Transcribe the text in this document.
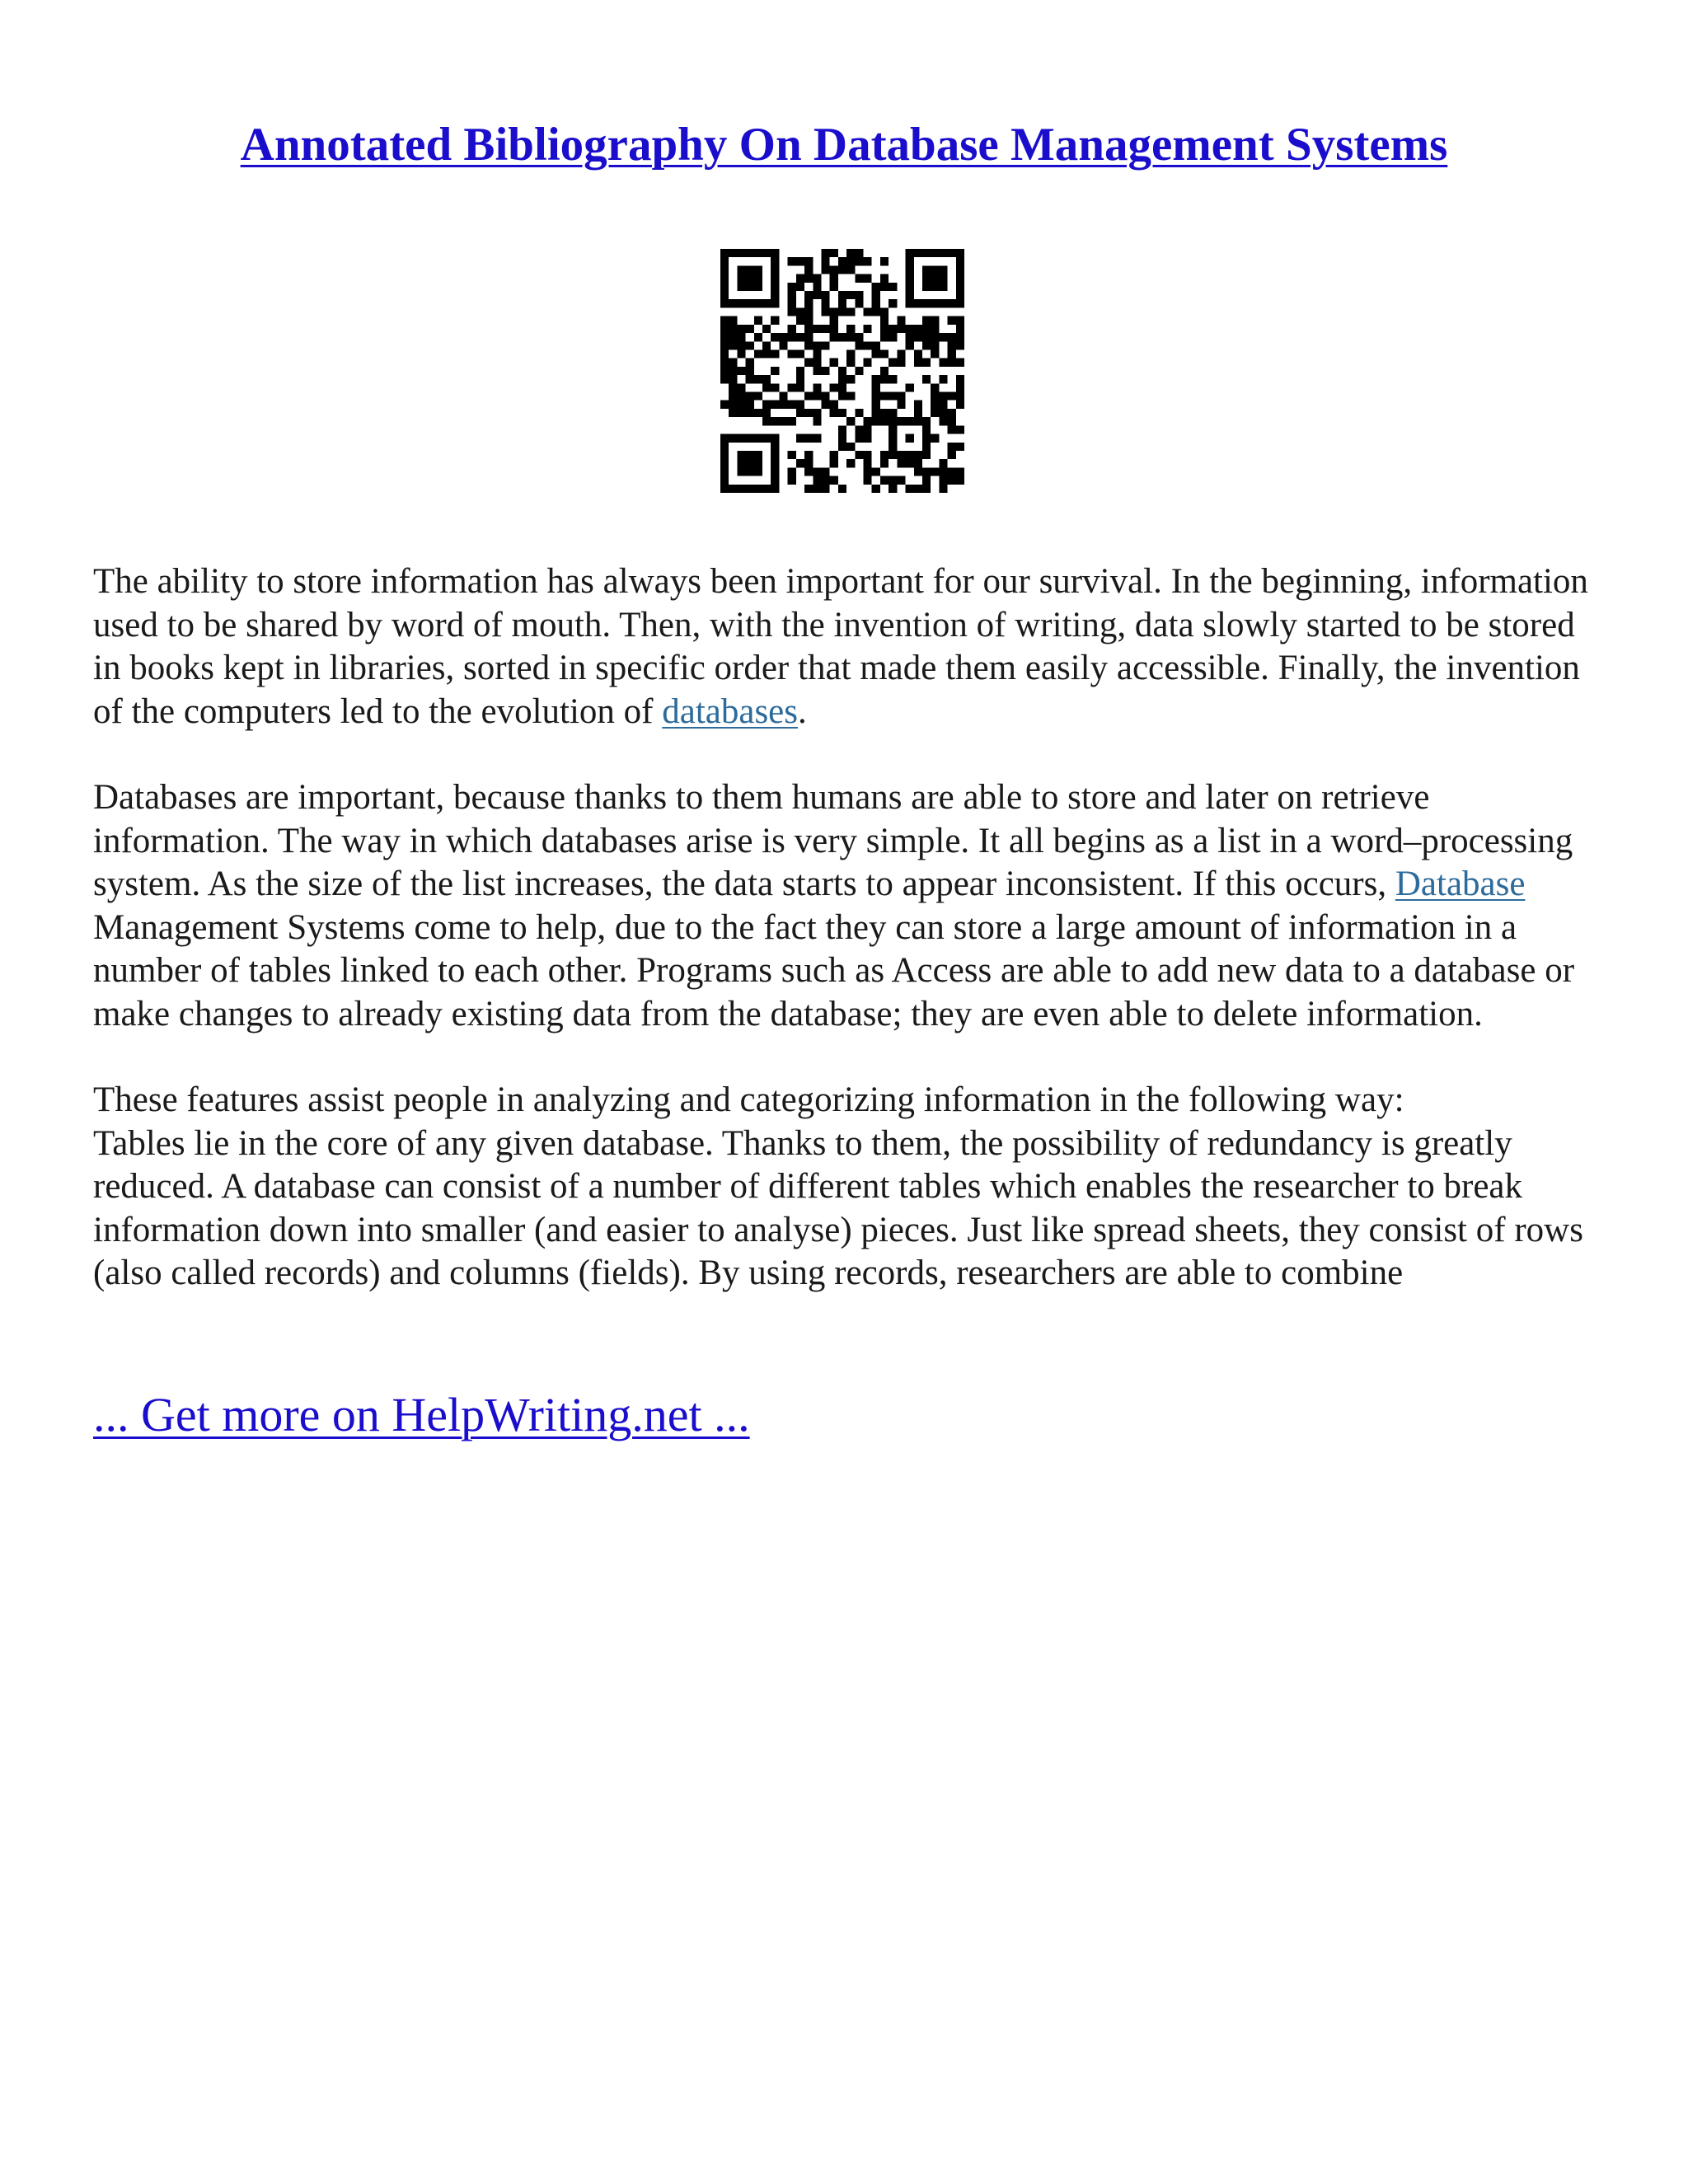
Annotated Bibliography On Database Management Systems

The ability to store information has always been important for our survival. In the beginning, information used to be shared by word of mouth. Then, with the invention of writing, data slowly started to be stored in books kept in libraries, sorted in specific order that made them easily accessible. Finally, the invention of the computers led to the evolution of databases.

Databases are important, because thanks to them humans are able to store and later on retrieve information. The way in which databases arise is very simple. It all begins as a list in a word–processing system. As the size of the list increases, the data starts to appear inconsistent. If this occurs, Database Management Systems come to help, due to the fact they can store a large amount of information in a number of tables linked to each other. Programs such as Access are able to add new data to a database or make changes to already existing data from the database; they are even able to delete information.

These features assist people in analyzing and categorizing information in the following way:
Tables lie in the core of any given database. Thanks to them, the possibility of redundancy is greatly reduced. A database can consist of a number of different tables which enables the researcher to break information down into smaller (and easier to analyse) pieces. Just like spread sheets, they consist of rows (also called records) and columns (fields). By using records, researchers are able to combine

... Get more on HelpWriting.net ...
